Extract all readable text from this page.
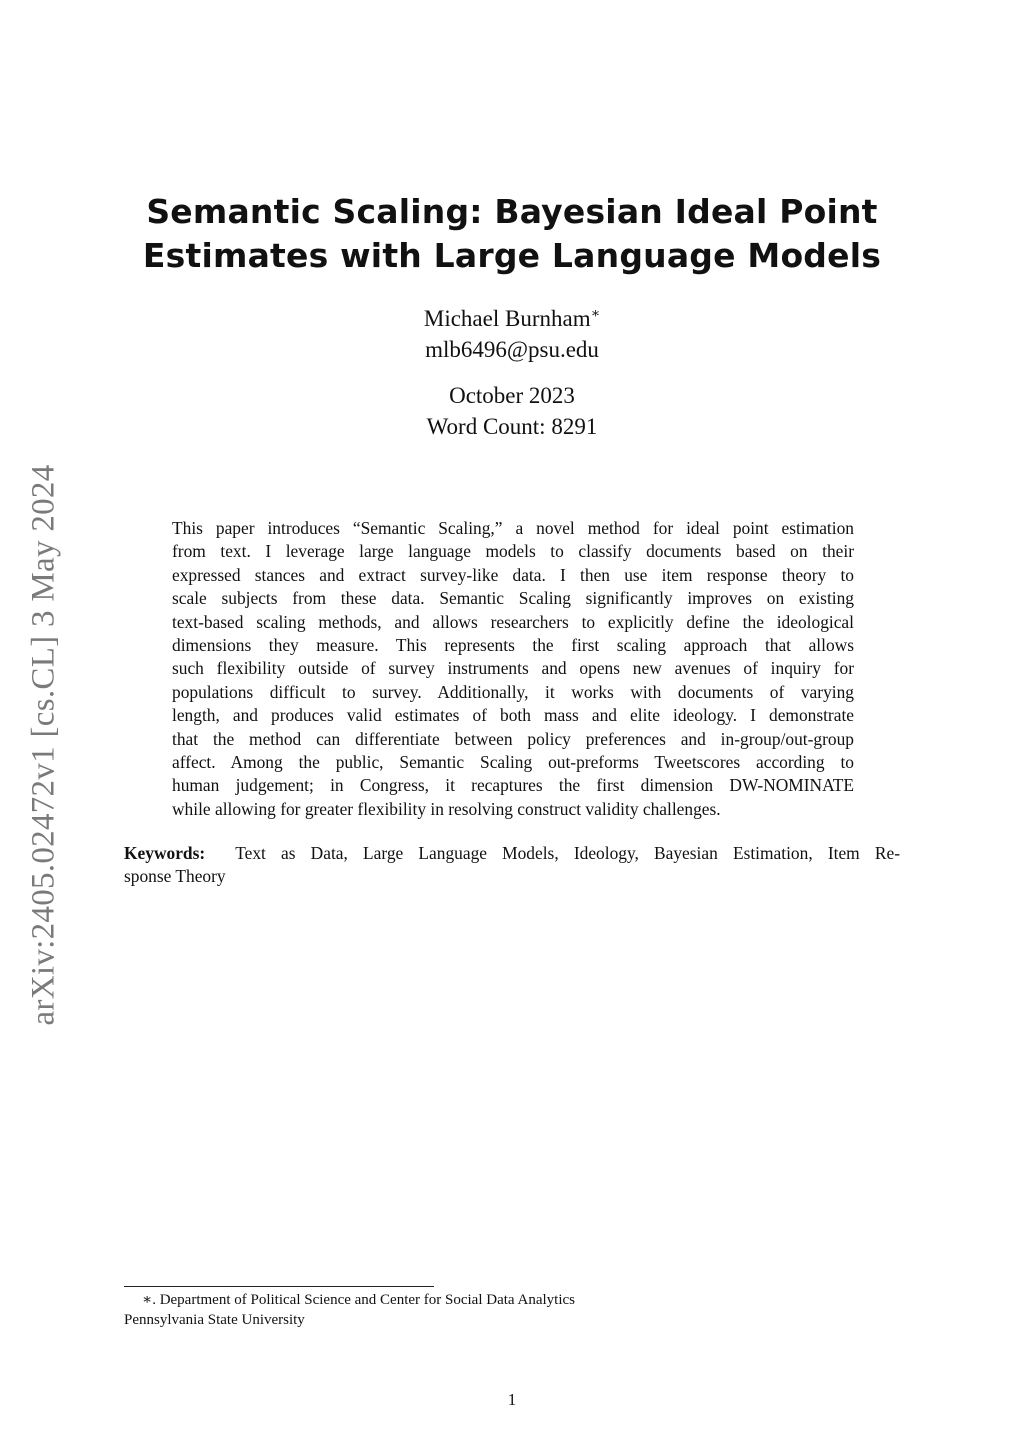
arXiv:2405.02472v1 [cs.CL] 3 May 2024
Semantic Scaling: Bayesian Ideal Point
Estimates with Large Language Models
Michael Burnham∗
mlb6496@psu.edu
October 2023
Word Count: 8291
This paper introduces “Semantic Scaling,” a novel method for ideal point estimation
from text. I leverage large language models to classify documents based on their
expressed stances and extract survey-like data. I then use item response theory to
scale subjects from these data. Semantic Scaling significantly improves on existing
text-based scaling methods, and allows researchers to explicitly define the ideological
dimensions they measure. This represents the first scaling approach that allows
such flexibility outside of survey instruments and opens new avenues of inquiry for
populations difficult to survey. Additionally, it works with documents of varying
length, and produces valid estimates of both mass and elite ideology. I demonstrate
that the method can differentiate between policy preferences and in-group/out-group
affect. Among the public, Semantic Scaling out-preforms Tweetscores according to
human judgement; in Congress, it recaptures the first dimension DW-NOMINATE
while allowing for greater flexibility in resolving construct validity challenges.
Keywords: Text as Data, Large Language Models, Ideology, Bayesian Estimation, Item Re-
sponse Theory
∗. Department of Political Science and Center for Social Data Analytics
Pennsylvania State University
1
